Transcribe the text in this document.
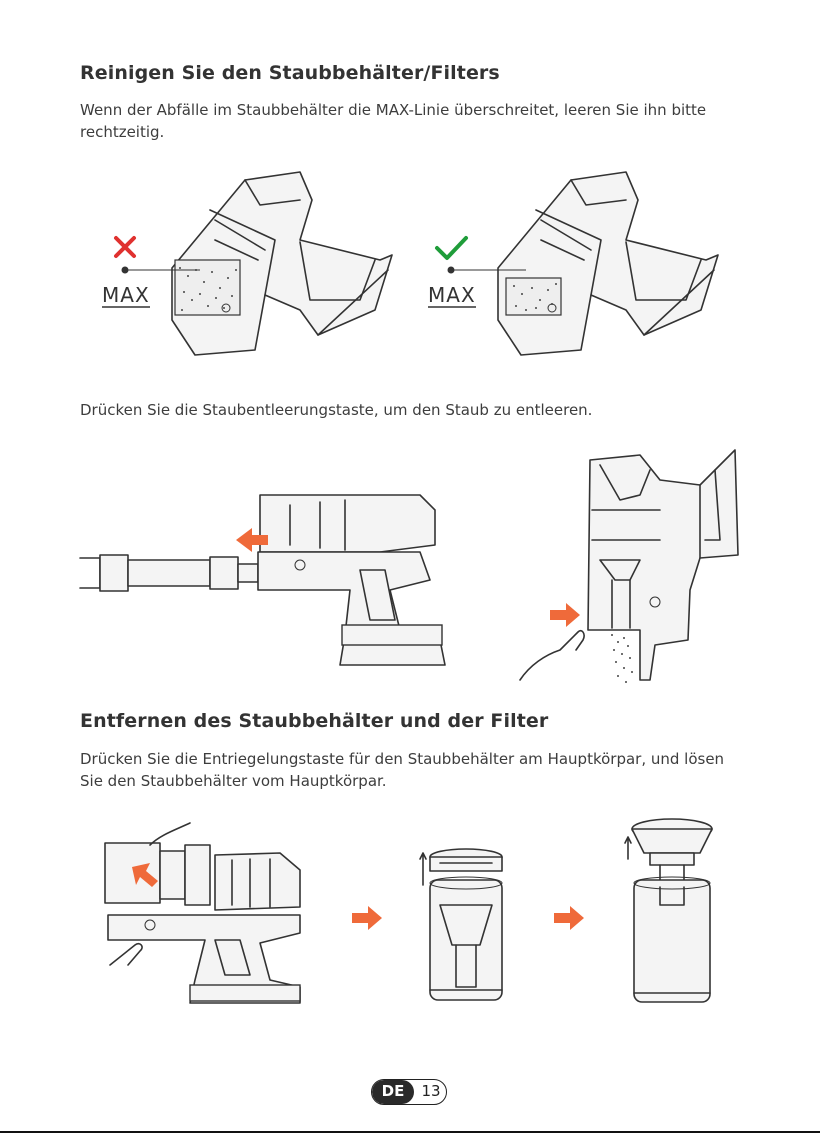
Reinigen Sie den Staubbehälter/Filters
Wenn der Abfälle im Staubbehälter die MAX-Linie überschreitet, leeren Sie ihn bitte rechtzeitig.
MAX	MAX
Drücken Sie die Staubentleerungstaste, um den Staub zu entleeren.
Entfernen des Staubbehälter und der Filter
Drücken Sie die Entriegelungstaste für den Staubbehälter am Hauptkörpar, und lösen Sie den Staubbehälter vom Hauptkörpar.
DE	13
